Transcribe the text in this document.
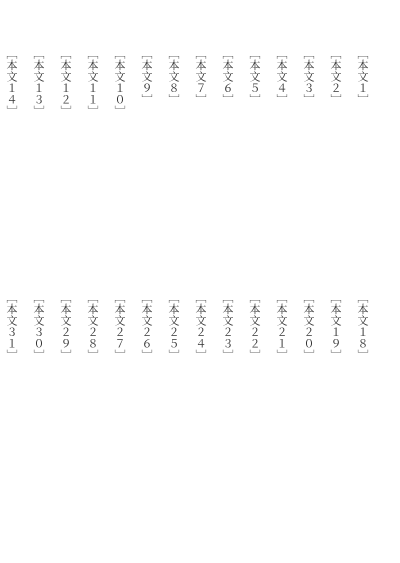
［本文１］
［本文２］
［本文３］
［本文４］
［本文５］
［本文６］
［本文７］
［本文８］
［本文９］
［本文１０］
［本文１１］
［本文１２］
［本文１３］
［本文１４］
［本文１８］
［本文１９］
［本文２０］
［本文２１］
［本文２２］
［本文２３］
［本文２４］
［本文２５］
［本文２６］
［本文２７］
［本文２８］
［本文２９］
［本文３０］
［本文３１］
